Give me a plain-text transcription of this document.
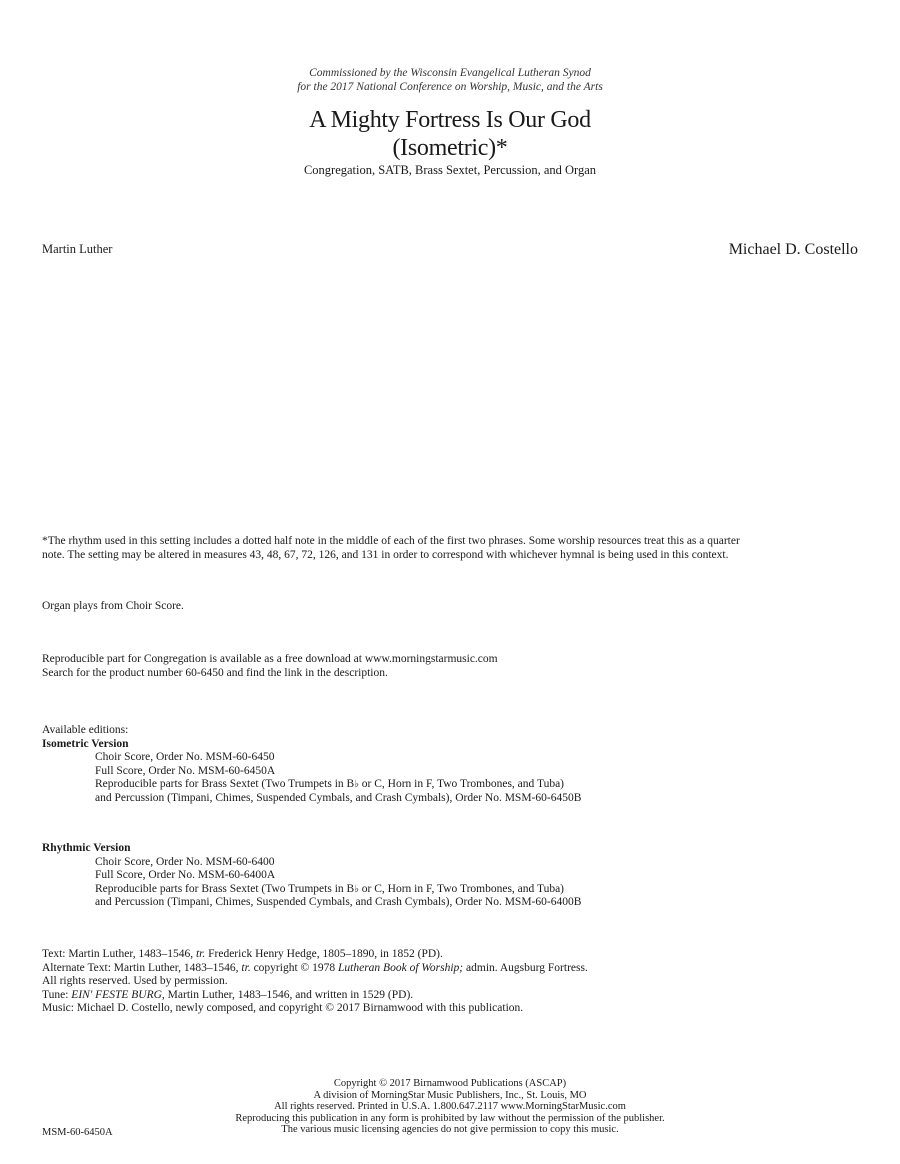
Commissioned by the Wisconsin Evangelical Lutheran Synod
for the 2017 National Conference on Worship, Music, and the Arts
A Mighty Fortress Is Our God
(Isometric)*
Congregation, SATB, Brass Sextet, Percussion, and Organ
Martin Luther	Michael D. Costello
*The rhythm used in this setting includes a dotted half note in the middle of each of the first two phrases. Some worship resources treat this as a quarter
note. The setting may be altered in measures 43, 48, 67, 72, 126, and 131 in order to correspond with whichever hymnal is being used in this context.
Organ plays from Choir Score.
Reproducible part for Congregation is available as a free download at www.morningstarmusic.com
Search for the product number 60-6450 and find the link in the description.
Available editions:
Isometric Version
Choir Score, Order No. MSM-60-6450
Full Score, Order No. MSM-60-6450A
Reproducible parts for Brass Sextet (Two Trumpets in B♭ or C, Horn in F, Two Trombones, and Tuba)
and Percussion (Timpani, Chimes, Suspended Cymbals, and Crash Cymbals), Order No. MSM-60-6450B
Rhythmic Version
Choir Score, Order No. MSM-60-6400
Full Score, Order No. MSM-60-6400A
Reproducible parts for Brass Sextet (Two Trumpets in B♭ or C, Horn in F, Two Trombones, and Tuba)
and Percussion (Timpani, Chimes, Suspended Cymbals, and Crash Cymbals), Order No. MSM-60-6400B
Text: Martin Luther, 1483–1546, tr. Frederick Henry Hedge, 1805–1890, in 1852 (PD).
Alternate Text: Martin Luther, 1483–1546, tr. copyright © 1978 Lutheran Book of Worship; admin. Augsburg Fortress.
All rights reserved. Used by permission.
Tune: EIN' FESTE BURG, Martin Luther, 1483–1546, and written in 1529 (PD).
Music: Michael D. Costello, newly composed, and copyright © 2017 Birnamwood with this publication.
Copyright © 2017 Birnamwood Publications (ASCAP)
A division of MorningStar Music Publishers, Inc., St. Louis, MO
All rights reserved. Printed in U.S.A. 1.800.647.2117 www.MorningStarMusic.com
Reproducing this publication in any form is prohibited by law without the permission of the publisher.
The various music licensing agencies do not give permission to copy this music.
MSM-60-6450A
